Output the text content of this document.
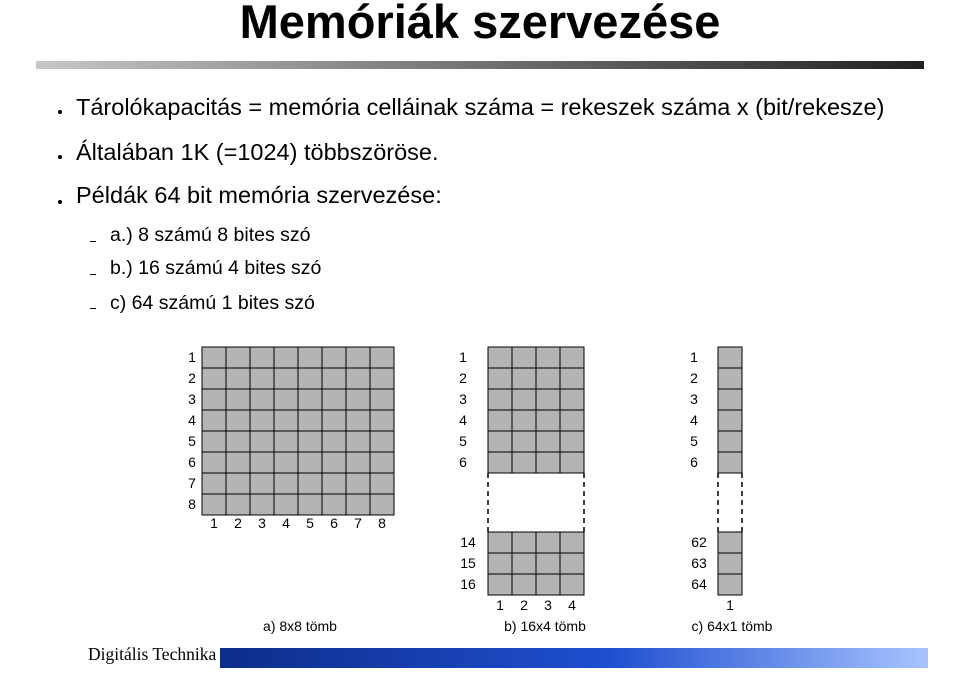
Memóriák szervezése
Tárolókapacitás = memória celláinak száma = rekeszek száma x (bit/rekesze)
Általában 1K (=1024) többszöröse.
Példák 64 bit memória szervezése:
a.) 8 számú 8 bites szó
b.) 16 számú 4 bites szó
c) 64 számú 1 bites szó
1
2
3
4
5
6
7
8
1 2 3 4 5 6 7 8
a) 8x8 tömb
1
2
3
4
5
6
14
15
16
1 2 3 4
b) 16x4 tömb
1
2
3
4
5
6
62
63
64
1
c) 64x1 tömb
Digitális Technika
